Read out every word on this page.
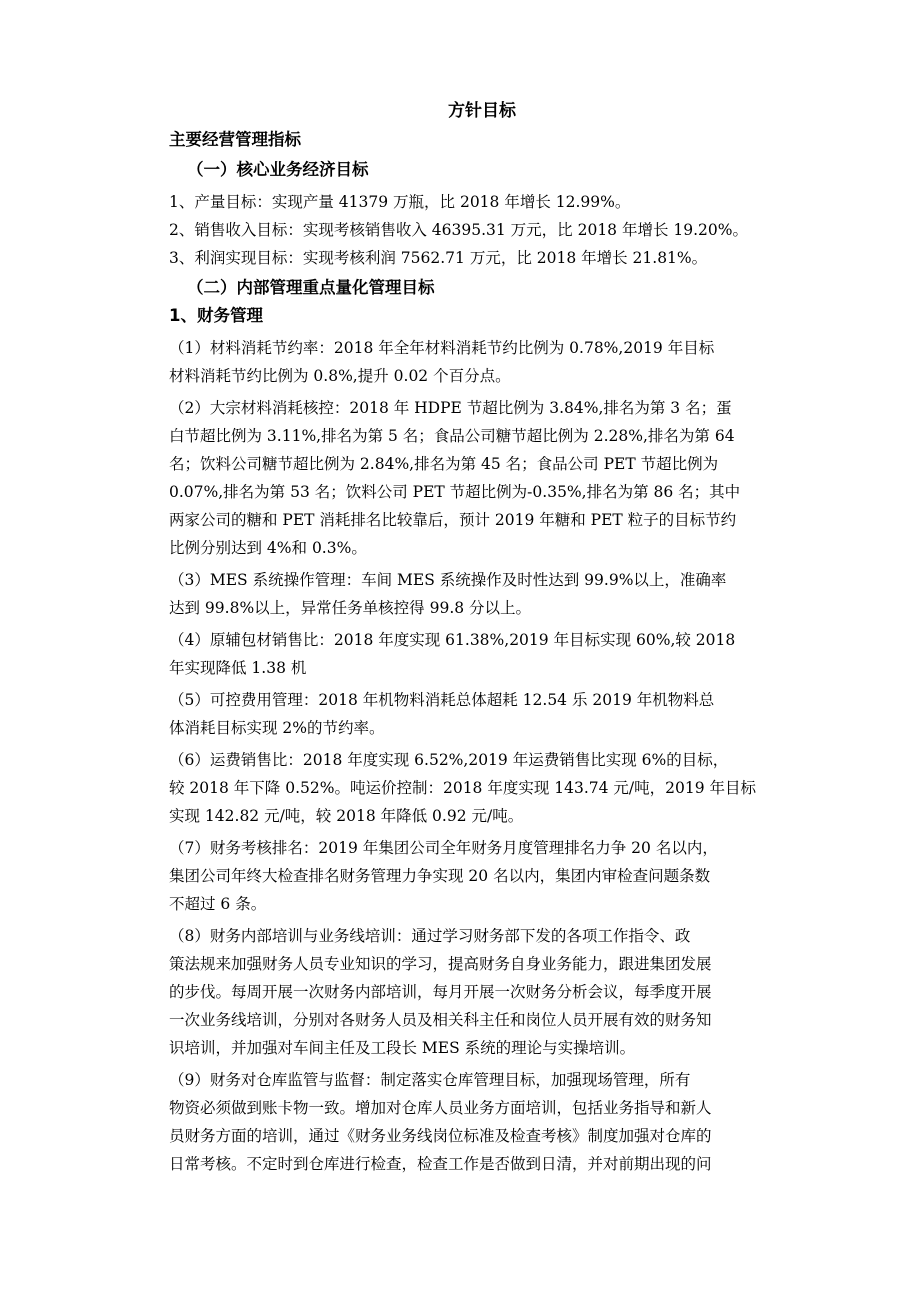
方针目标
主要经营管理指标
（一）核心业务经济目标
1、产量目标：实现产量 41379 万瓶，比 2018 年增长 12.99%。
2、销售收入目标：实现考核销售收入 46395.31 万元，比 2018 年增长 19.20%。
3、利润实现目标：实现考核利润 7562.71 万元，比 2018 年增长 21.81%。
（二）内部管理重点量化管理目标
1、财务管理
（1）材料消耗节约率：2018 年全年材料消耗节约比例为 0.78%,2019 年目标
材料消耗节约比例为 0.8%,提升 0.02 个百分点。
（2）大宗材料消耗核控：2018 年 HDPE 节超比例为 3.84%,排名为第 3 名；蛋
白节超比例为 3.11%,排名为第 5 名；食品公司糖节超比例为 2.28%,排名为第 64
名；饮料公司糖节超比例为 2.84%,排名为第 45 名；食品公司 PET 节超比例为
0.07%,排名为第 53 名；饮料公司 PET 节超比例为-0.35%,排名为第 86 名；其中
两家公司的糖和 PET 消耗排名比较靠后，预计 2019 年糖和 PET 粒子的目标节约
比例分别达到 4%和 0.3%。
（3）MES 系统操作管理：车间 MES 系统操作及时性达到 99.9%以上，准确率
达到 99.8%以上，异常任务单核控得 99.8 分以上。
（4）原辅包材销售比：2018 年度实现 61.38%,2019 年目标实现 60%,较 2018
年实现降低 1.38 机
（5）可控费用管理：2018 年机物料消耗总体超耗 12.54 乐 2019 年机物料总
体消耗目标实现 2%的节约率。
（6）运费销售比：2018 年度实现 6.52%,2019 年运费销售比实现 6%的目标，
较 2018 年下降 0.52%。吨运价控制：2018 年度实现 143.74 元/吨，2019 年目标
实现 142.82 元/吨，较 2018 年降低 0.92 元/吨。
（7）财务考核排名：2019 年集团公司全年财务月度管理排名力争 20 名以内，
集团公司年终大检查排名财务管理力争实现 20 名以内，集团内审检查问题条数
不超过 6 条。
（8）财务内部培训与业务线培训：通过学习财务部下发的各项工作指令、政
策法规来加强财务人员专业知识的学习，提高财务自身业务能力，跟进集团发展
的步伐。每周开展一次财务内部培训，每月开展一次财务分析会议，每季度开展
一次业务线培训，分别对各财务人员及相关科主任和岗位人员开展有效的财务知
识培训，并加强对车间主任及工段长 MES 系统的理论与实操培训。
（9）财务对仓库监管与监督：制定落实仓库管理目标，加强现场管理，所有
物资必须做到账卡物一致。增加对仓库人员业务方面培训，包括业务指导和新人
员财务方面的培训，通过《财务业务线岗位标准及检查考核》制度加强对仓库的
日常考核。不定时到仓库进行检查，检查工作是否做到日清，并对前期出现的问
